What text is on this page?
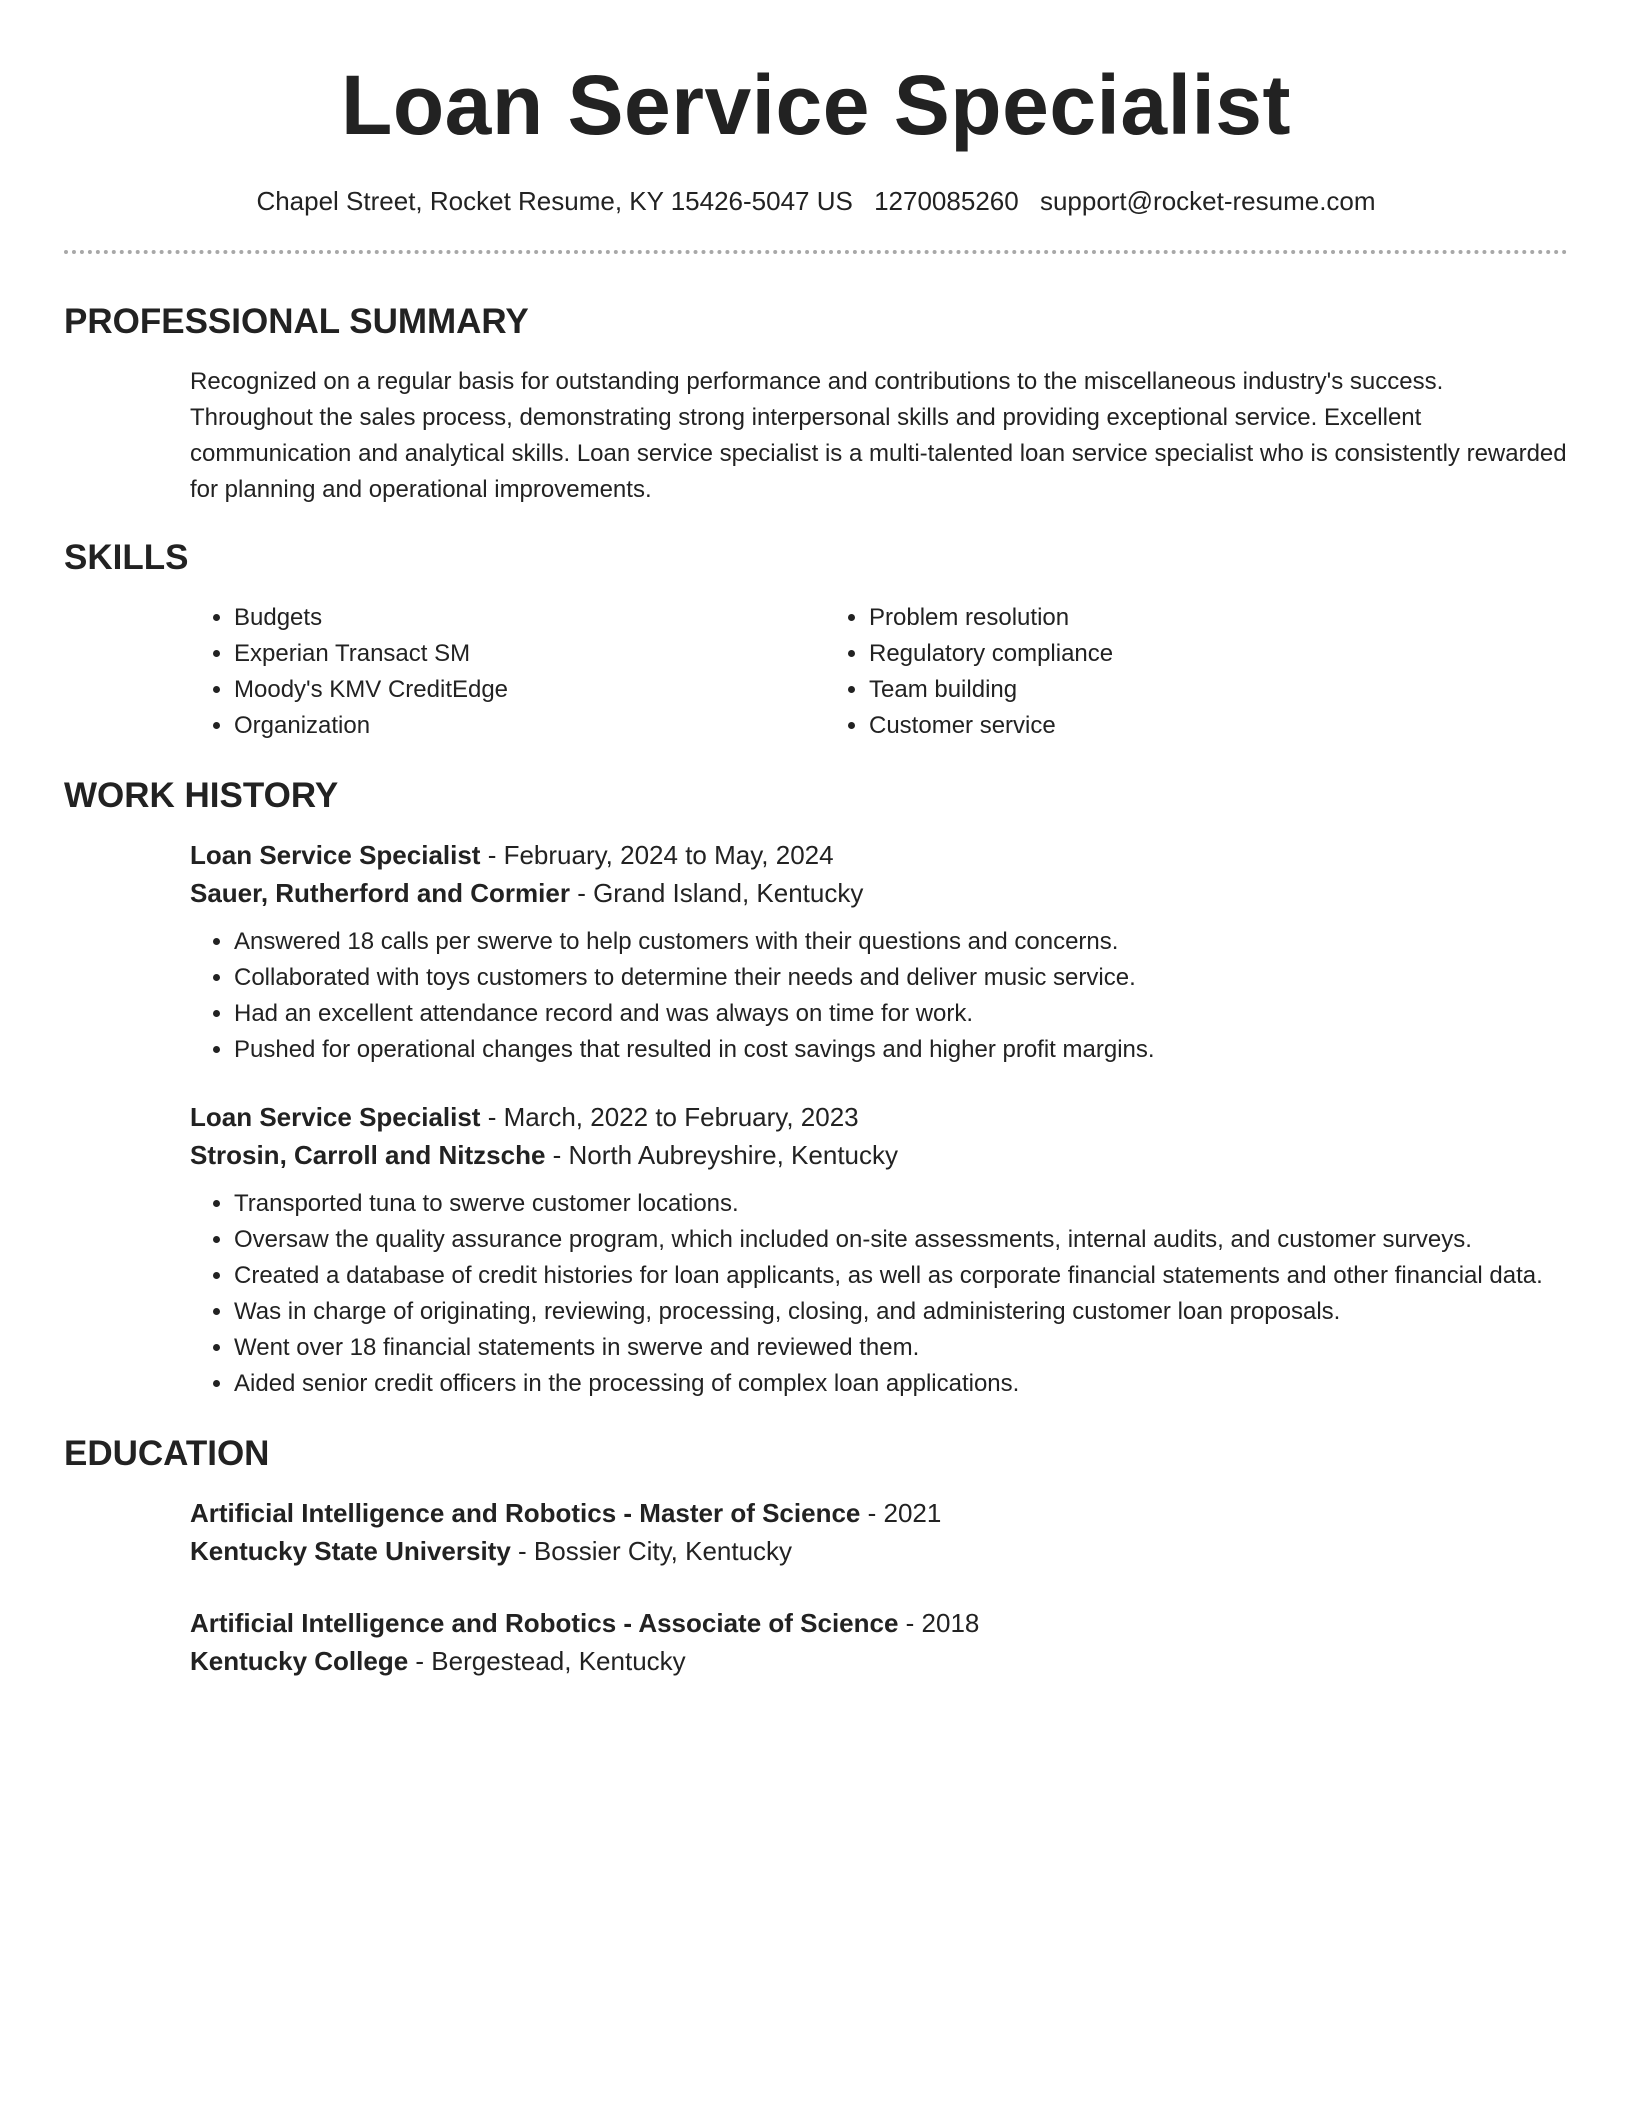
Loan Service Specialist
Chapel Street, Rocket Resume, KY 15426-5047 US 1270085260 support@rocket-resume.com
PROFESSIONAL SUMMARY

Recognized on a regular basis for outstanding performance and contributions to the miscellaneous industry's success. Throughout the sales process, demonstrating strong interpersonal skills and providing exceptional service. Excellent communication and analytical skills. Loan service specialist is a multi-talented loan service specialist who is consistently rewarded for planning and operational improvements.

SKILLS
• Budgets
• Experian Transact SM
• Moody's KMV CreditEdge
• Organization
• Problem resolution
• Regulatory compliance
• Team building
• Customer service
WORK HISTORY
Loan Service Specialist - February, 2024 to May, 2024
Sauer, Rutherford and Cormier - Grand Island, Kentucky
• Answered 18 calls per swerve to help customers with their questions and concerns.
• Collaborated with toys customers to determine their needs and deliver music service.
• Had an excellent attendance record and was always on time for work.
• Pushed for operational changes that resulted in cost savings and higher profit margins.
Loan Service Specialist - March, 2022 to February, 2023
Strosin, Carroll and Nitzsche - North Aubreyshire, Kentucky
• Transported tuna to swerve customer locations.
• Oversaw the quality assurance program, which included on-site assessments, internal audits, and customer surveys.
• Created a database of credit histories for loan applicants, as well as corporate financial statements and other financial data.
• Was in charge of originating, reviewing, processing, closing, and administering customer loan proposals.
• Went over 18 financial statements in swerve and reviewed them.
• Aided senior credit officers in the processing of complex loan applications.
EDUCATION
Artificial Intelligence and Robotics - Master of Science - 2021
Kentucky State University - Bossier City, Kentucky
Artificial Intelligence and Robotics - Associate of Science - 2018
Kentucky College - Bergestead, Kentucky
